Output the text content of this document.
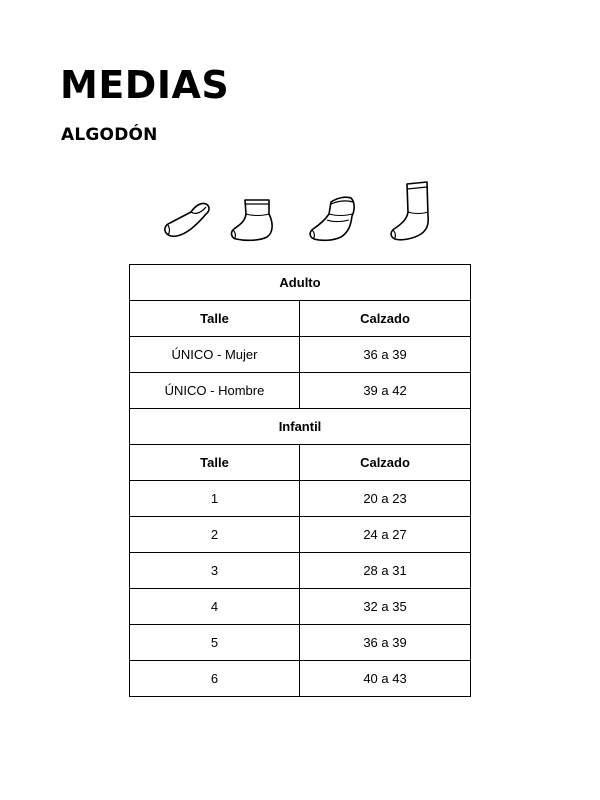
MEDIAS
ALGODÓN
Adulto	
Talle	Calzado
ÚNICO - Mujer	36 a 39
ÚNICO - Hombre	39 a 42
Infantil	
Talle	Calzado
1	20 a 23
2	24 a 27
3	28 a 31
4	32 a 35
5	36 a 39
6	40 a 43
